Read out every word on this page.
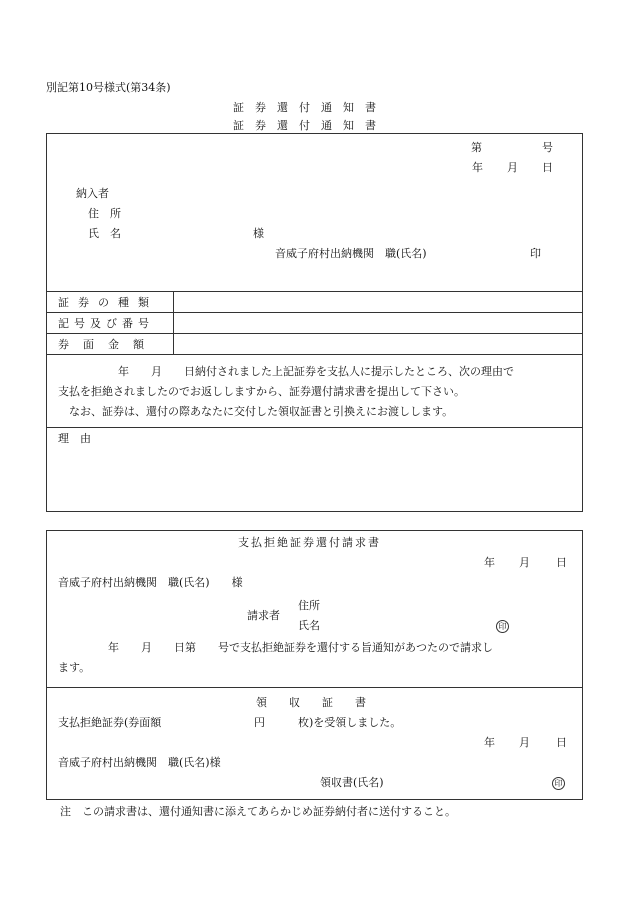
別記第10号様式(第34条)
証　券　還　付　通　知　書
証　券　還　付　通　知　書
第	号
年 月 日
納入者
住　所
氏　名	様
音威子府村出納機関　職(氏名)	印
証券の種類
記号及び番号
券面金額
年　　月　　日納付されました上記証券を支払人に提示したところ、次の理由で
支払を拒絶されましたのでお返ししますから、証券還付請求書を提出して下さい。
なお、証券は、還付の際あなたに交付した領収証書と引換えにお渡しします。
理　由
支払拒絶証券還付請求書
年 月 日
音威子府村出納機関　職(氏名)　　様
住所
請求者
氏名	印
年　　月　　日第　　号で支払拒絶証券を還付する旨通知があつたので請求し
ます。
領　　収　　証　　書
支払拒絶証券(券面額	円	枚)を受領しました。
年 月 日
音威子府村出納機関　職(氏名)様
領収書(氏名)	印
注　この請求書は、還付通知書に添えてあらかじめ証券納付者に送付すること。
